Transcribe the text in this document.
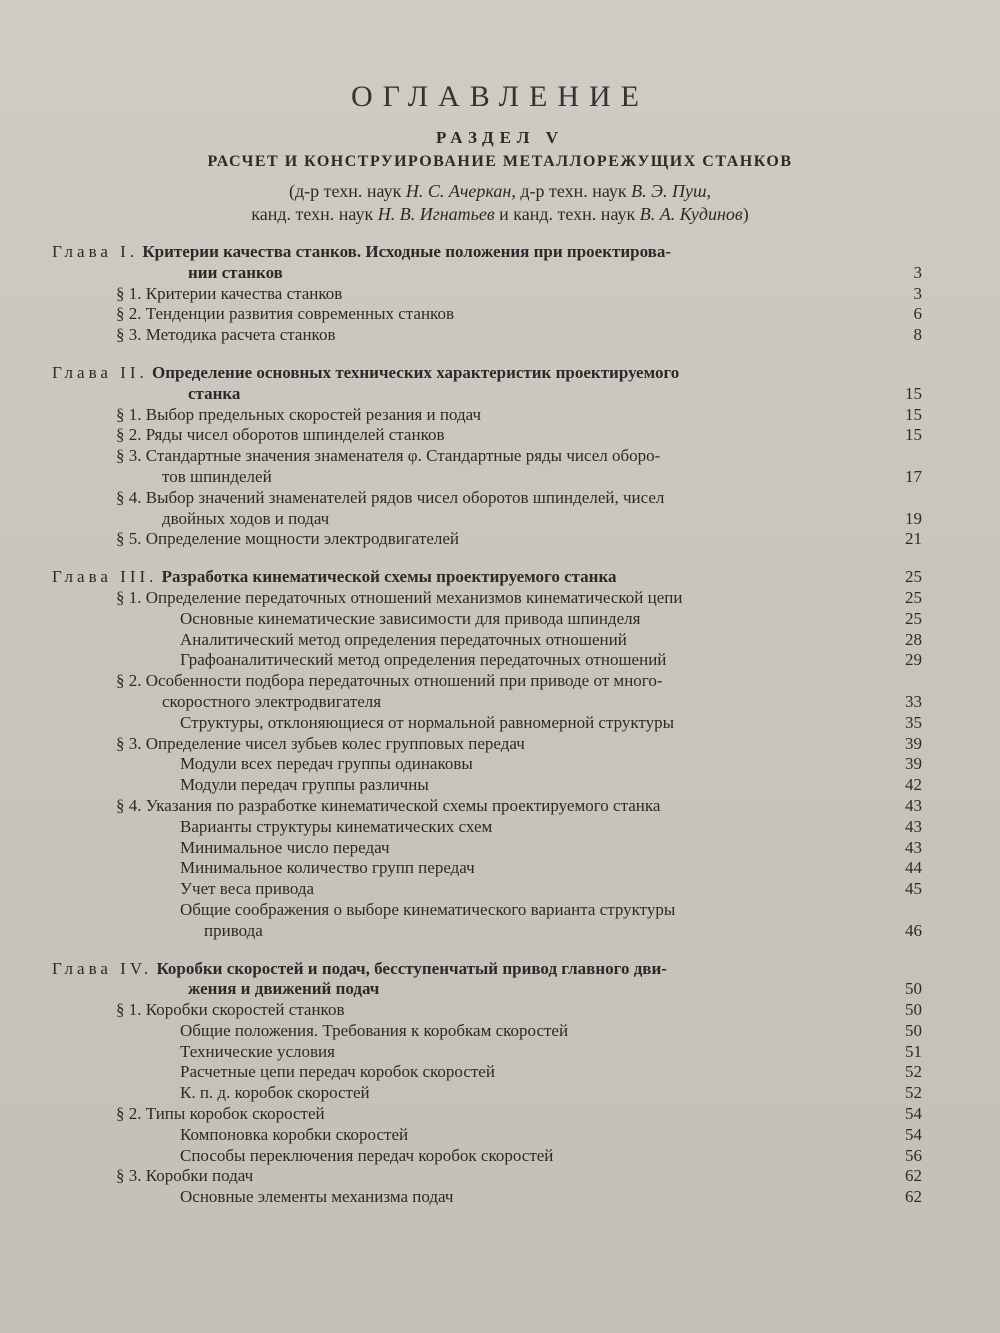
ОГЛАВЛЕНИЕ
РАЗДЕЛ V
РАСЧЕТ И КОНСТРУИРОВАНИЕ МЕТАЛЛОРЕЖУЩИХ СТАНКОВ
(д-р техн. наук Н. С. Ачеркан, д-р техн. наук В. Э. Пуш,
канд. техн. наук Н. В. Игнатьев и канд. техн. наук В. А. Кудинов)
Глава I. Критерии качества станков. Исходные положения при проектирова-
нии станков	3
§ 1. Критерии качества станков	3
§ 2. Тенденции развития современных станков	6
§ 3. Методика расчета станков	8
Глава II. Определение основных технических характеристик проектируемого
станка	15
§ 1. Выбор предельных скоростей резания и подач	15
§ 2. Ряды чисел оборотов шпинделей станков	15
§ 3. Стандартные значения знаменателя φ. Стандартные ряды чисел оборо-
тов шпинделей	17
§ 4. Выбор значений знаменателей рядов чисел оборотов шпинделей, чисел
двойных ходов и подач	19
§ 5. Определение мощности электродвигателей	21
Глава III. Разработка кинематической схемы проектируемого станка	25
§ 1. Определение передаточных отношений механизмов кинематической цепи	25
Основные кинематические зависимости для привода шпинделя	25
Аналитический метод определения передаточных отношений	28
Графоаналитический метод определения передаточных отношений	29
§ 2. Особенности подбора передаточных отношений при приводе от много-
скоростного электродвигателя	33
Структуры, отклоняющиеся от нормальной равномерной структуры	35
§ 3. Определение чисел зубьев колес групповых передач	39
Модули всех передач группы одинаковы	39
Модули передач группы различны	42
§ 4. Указания по разработке кинематической схемы проектируемого станка	43
Варианты структуры кинематических схем	43
Минимальное число передач	43
Минимальное количество групп передач	44
Учет веса привода	45
Общие соображения о выборе кинематического варианта структуры
привода	46
Глава IV. Коробки скоростей и подач, бесступенчатый привод главного дви-
жения и движений подач	50
§ 1. Коробки скоростей станков	50
Общие положения. Требования к коробкам скоростей	50
Технические условия	51
Расчетные цепи передач коробок скоростей	52
К. п. д. коробок скоростей	52
§ 2. Типы коробок скоростей	54
Компоновка коробки скоростей	54
Способы переключения передач коробок скоростей	56
§ 3. Коробки подач	62
Основные элементы механизма подач	62
